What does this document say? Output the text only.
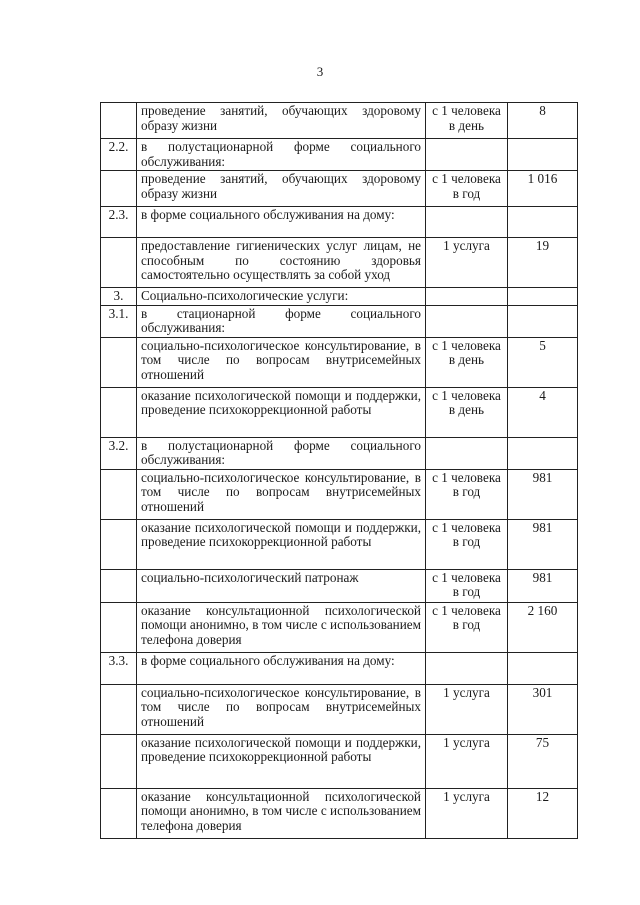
3
	проведение занятий, обучающих здоровому образу жизни	с 1 человека в день	8
2.2.	в полустационарной форме социального обслуживания:		
	проведение занятий, обучающих здоровому образу жизни	с 1 человека в год	1 016
2.3.	в форме социального обслуживания на дому:		
	предоставление гигиенических услуг лицам, не способным по состоянию здоровья самостоятельно осуществлять за собой уход	1 услуга	19
3.	Социально-психологические услуги:		
3.1.	в стационарной форме социального обслуживания:		
	социально-психологическое консультирование, в том числе по вопросам внутрисемейных отношений	с 1 человека в день	5
	оказание психологической помощи и поддержки, проведение психокоррекционной работы	с 1 человека в день	4
3.2.	в полустационарной форме социального обслуживания:		
	социально-психологическое консультирование, в том числе по вопросам внутрисемейных отношений	с 1 человека в год	981
	оказание психологической помощи и поддержки, проведение психокоррекционной работы	с 1 человека в год	981
	социально-психологический патронаж	с 1 человека в год	981
	оказание консультационной психологической помощи анонимно, в том числе с использованием телефона доверия	с 1 человека в год	2 160
3.3.	в форме социального обслуживания на дому:		
	социально-психологическое консультирование, в том числе по вопросам внутрисемейных отношений	1 услуга	301
	оказание психологической помощи и поддержки, проведение психокоррекционной работы	1 услуга	75
	оказание консультационной психологической помощи анонимно, в том числе с использованием телефона доверия	1 услуга	12
